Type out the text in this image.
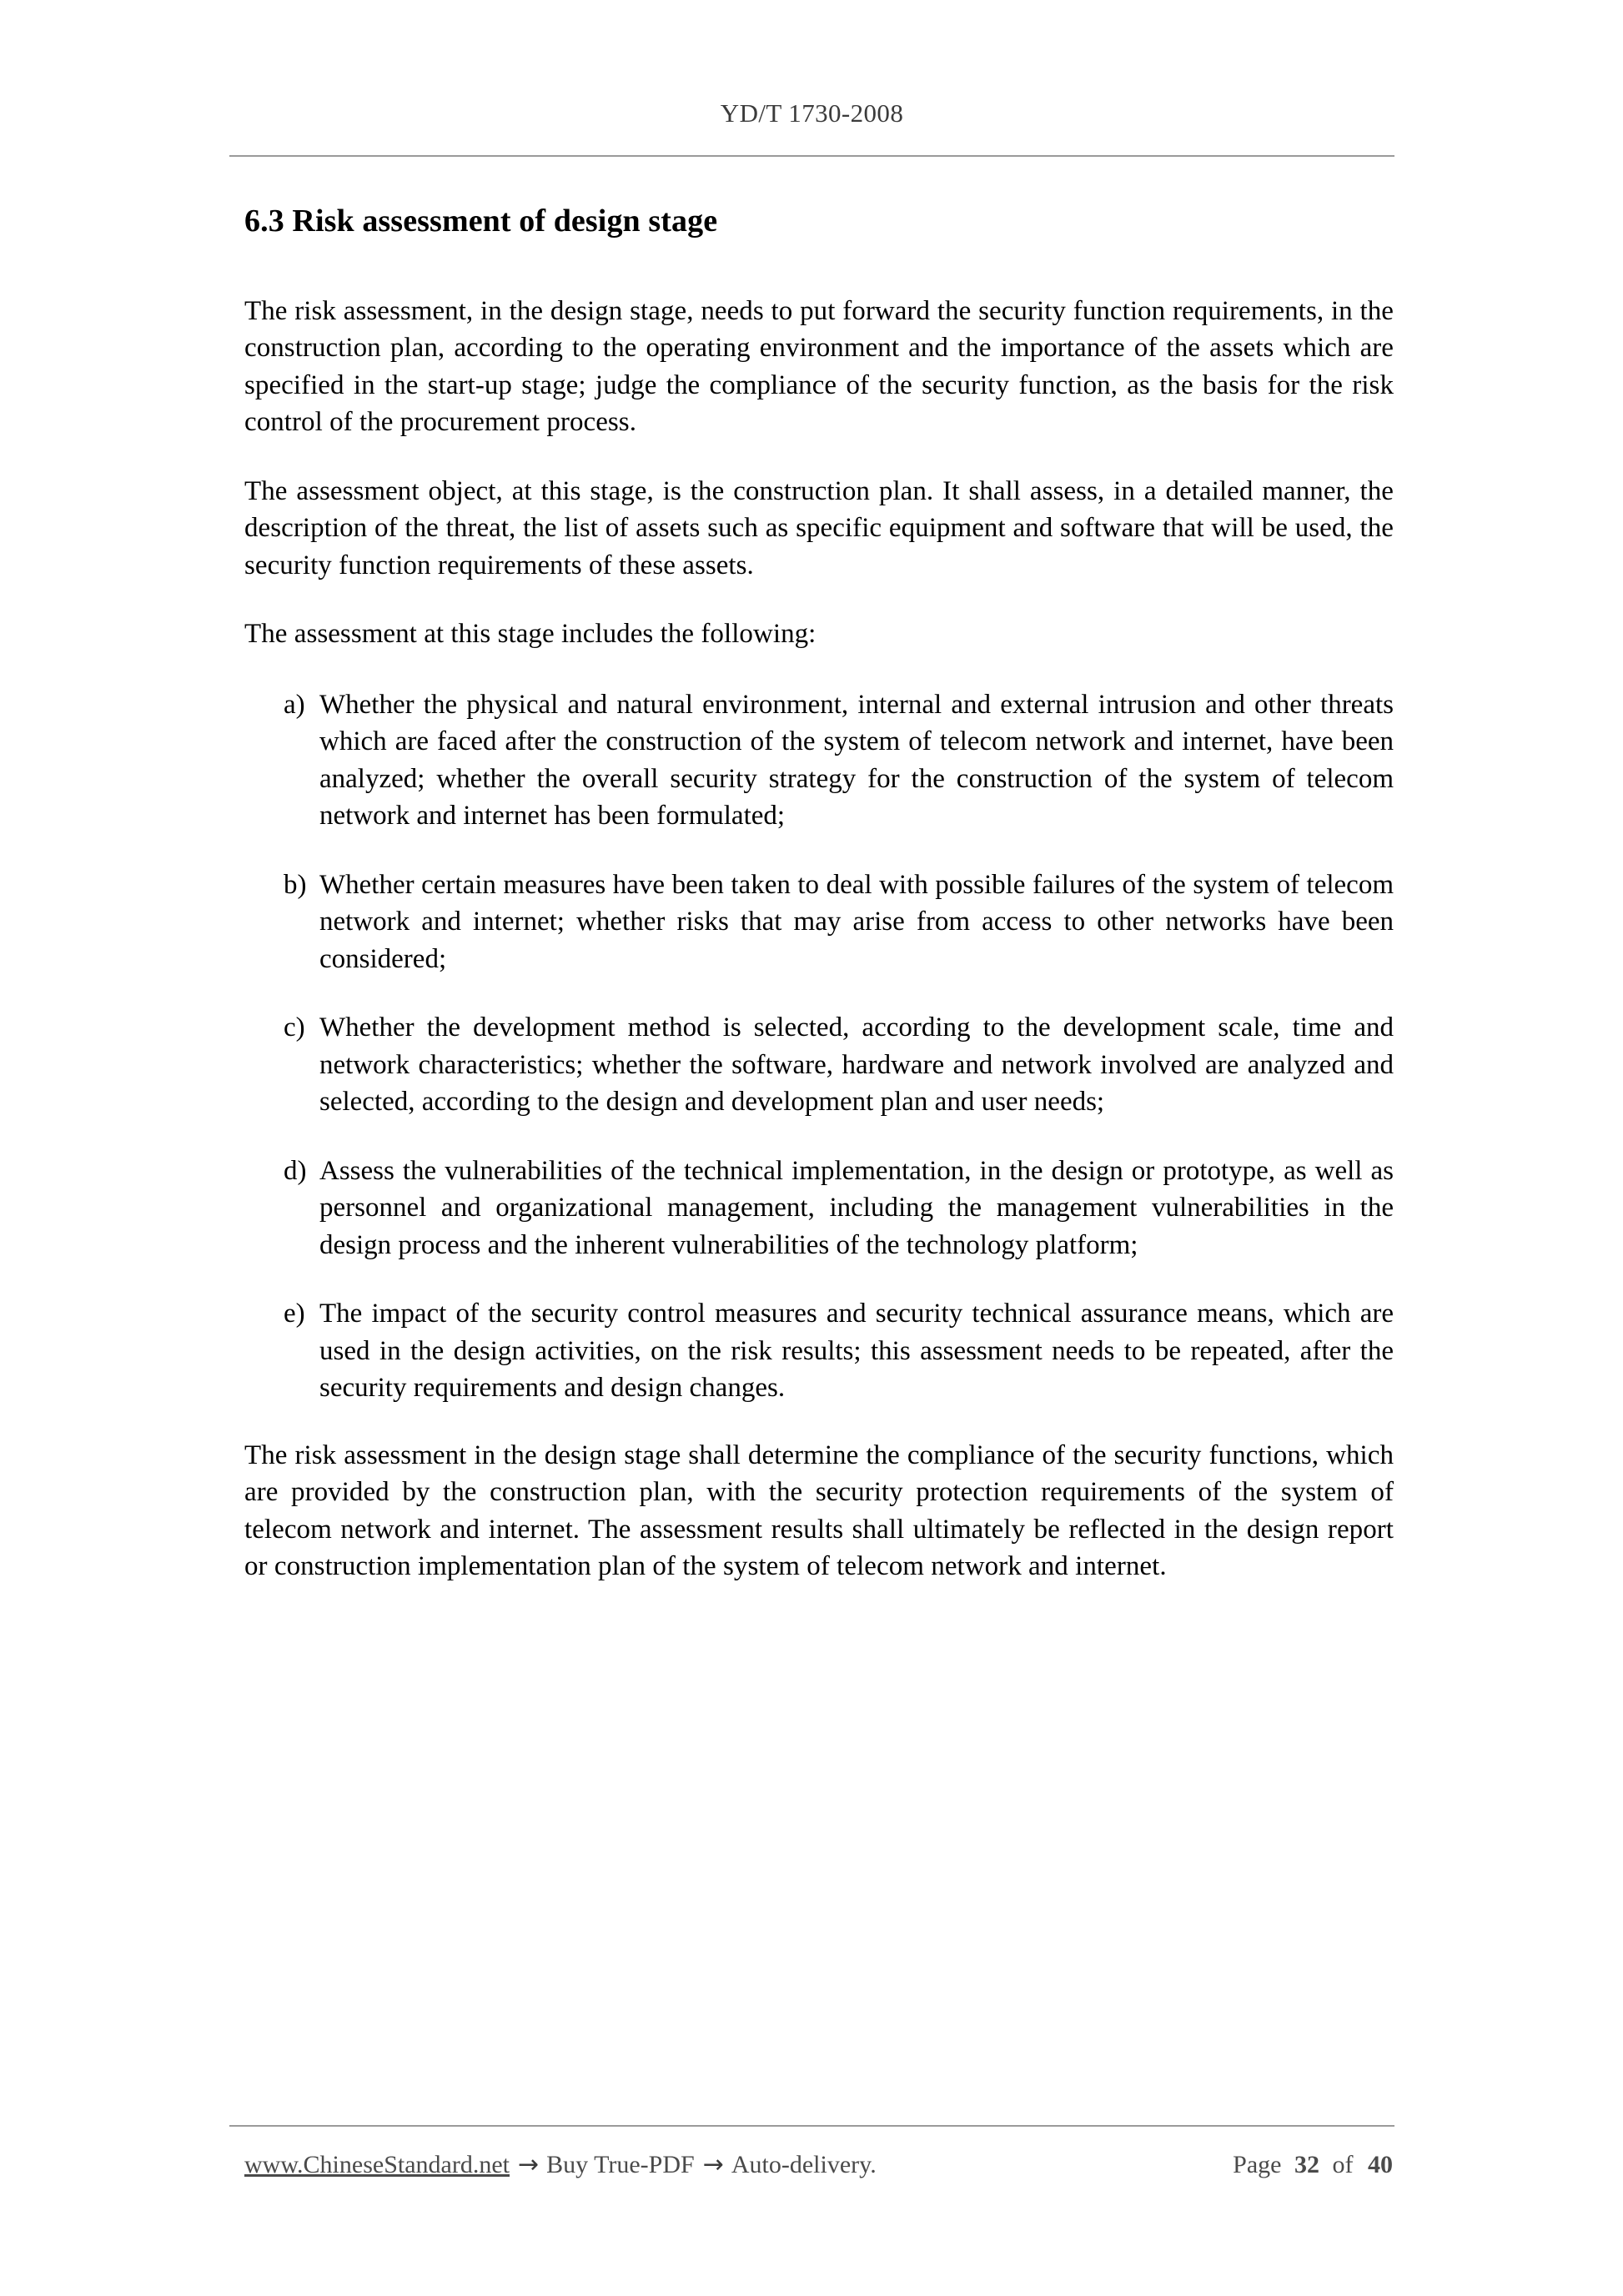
YD/T 1730-2008
6.3 Risk assessment of design stage

The risk assessment, in the design stage, needs to put forward the security function requirements, in the construction plan, according to the operating environment and the importance of the assets which are specified in the start-up stage; judge the compliance of the security function, as the basis for the risk control of the procurement process.

The assessment object, at this stage, is the construction plan. It shall assess, in a detailed manner, the description of the threat, the list of assets such as specific equipment and software that will be used, the security function requirements of these assets.

The assessment at this stage includes the following:

a) Whether the physical and natural environment, internal and external intrusion and other threats which are faced after the construction of the system of telecom network and internet, have been analyzed; whether the overall security strategy for the construction of the system of telecom network and internet has been formulated;
b) Whether certain measures have been taken to deal with possible failures of the system of telecom network and internet; whether risks that may arise from access to other networks have been considered;
c) Whether the development method is selected, according to the development scale, time and network characteristics; whether the software, hardware and network involved are analyzed and selected, according to the design and development plan and user needs;
d) Assess the vulnerabilities of the technical implementation, in the design or prototype, as well as personnel and organizational management, including the management vulnerabilities in the design process and the inherent vulnerabilities of the technology platform;
e) The impact of the security control measures and security technical assurance means, which are used in the design activities, on the risk results; this assessment needs to be repeated, after the security requirements and design changes.

The risk assessment in the design stage shall determine the compliance of the security functions, which are provided by the construction plan, with the security protection requirements of the system of telecom network and internet. The assessment results shall ultimately be reflected in the design report or construction implementation plan of the system of telecom network and internet.

www.ChineseStandard.net → Buy True-PDF → Auto-delivery.	Page 32 of 40
